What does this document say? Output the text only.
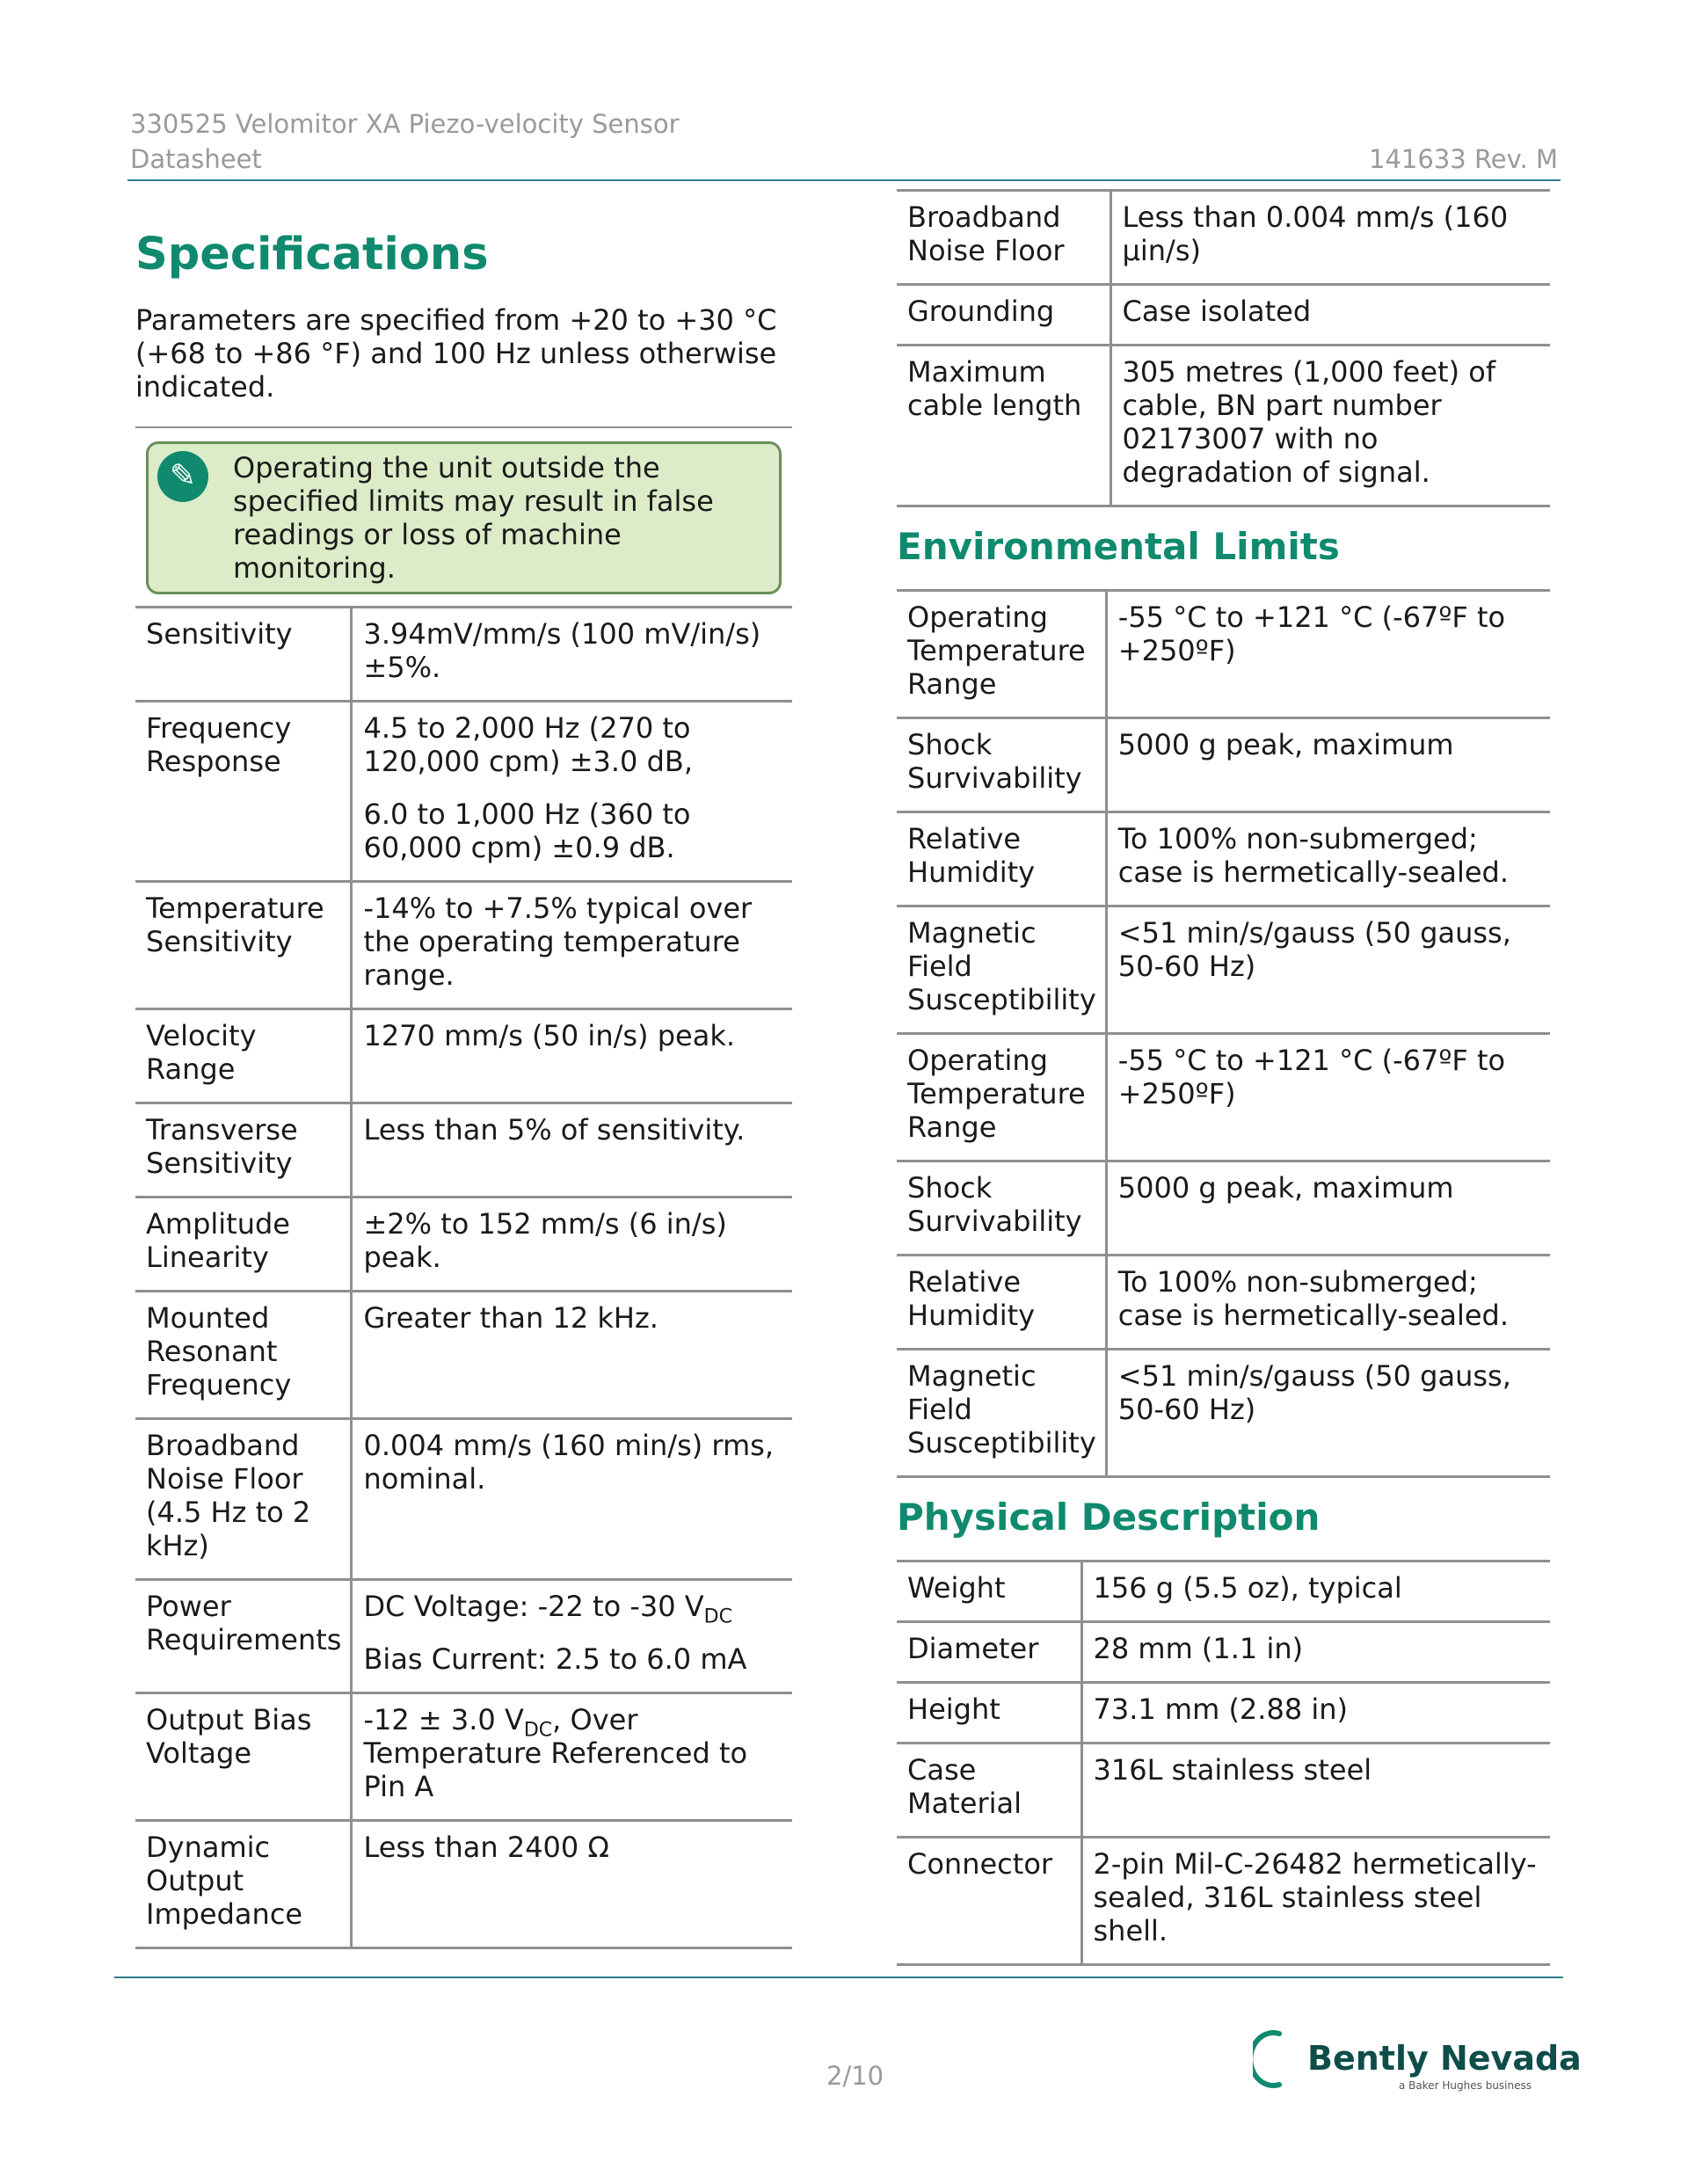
330525 Velomitor XA Piezo-velocity Sensor
Datasheet	141633 Rev. M
Specifications
Parameters are specified from +20 to +30 °C (+68 to +86 °F) and 100 Hz unless otherwise indicated.
✎	Operating the unit outside the specified limits may result in false readings or loss of machine monitoring.
Sensitivity	3.94mV/mm/s (100 mV/in/s) ±5%.
Frequency Response	4.5 to 2,000 Hz (270 to 120,000 cpm) ±3.0 dB,
6.0 to 1,000 Hz (360 to 60,000 cpm) ±0.9 dB.

Temperature Sensitivity	-14% to +7.5% typical over the operating temperature range.
Velocity Range	1270 mm/s (50 in/s) peak.
Transverse Sensitivity	Less than 5% of sensitivity.
Amplitude Linearity	±2% to 152 mm/s (6 in/s) peak.
Mounted Resonant Frequency	Greater than 12 kHz.
Broadband Noise Floor (4.5 Hz to 2 kHz)	0.004 mm/s (160 min/s) rms, nominal.
Power Requirements	DC Voltage: -22 to -30 $V_{DC}$
Bias Current: 2.5 to 6.0 mA

Output Bias Voltage	-12 ± 3.0 $V_{DC}$, Over Temperature Referenced to Pin A
Dynamic Output Impedance	Less than 2400 Ω
Broadband Noise Floor	Less than 0.004 mm/s (160 µin/s)
Grounding	Case isolated
Maximum cable length	305 metres (1,000 feet) of cable, BN part number 02173007 with no degradation of signal.
Environmental Limits
Operating Temperature Range	-55 °C to +121 °C (-67ºF to +250ºF)
Shock Survivability	5000 g peak, maximum
Relative Humidity	To 100% non-submerged; case is hermetically-sealed.
Magnetic Field Susceptibility	<51 min/s/gauss (50 gauss, 50-60 Hz)
Operating Temperature Range	-55 °C to +121 °C (-67ºF to +250ºF)
Shock Survivability	5000 g peak, maximum
Relative Humidity	To 100% non-submerged; case is hermetically-sealed.
Magnetic Field Susceptibility	<51 min/s/gauss (50 gauss, 50-60 Hz)
Physical Description
Weight	156 g (5.5 oz), typical
Diameter	28 mm (1.1 in)
Height	73.1 mm (2.88 in)
Case Material	316L stainless steel
Connector	2-pin Mil-C-26482 hermetically-sealed, 316L stainless steel shell.
2/10	Bently Nevada
a Baker Hughes business
